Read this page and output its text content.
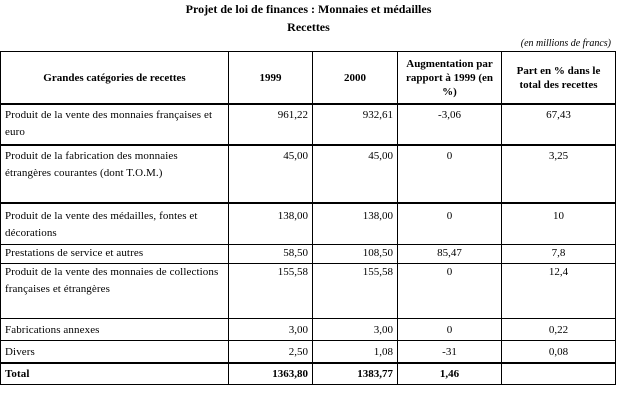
Projet de loi de finances : Monnaies et médailles
Recettes
(en millions de francs)
Grandes catégories de recettes	1999	2000	Augmentation par rapport à 1999 (en %)	Part en % dans le total des recettes
Produit de la vente des monnaies françaises et euro	961,22	932,61	-3,06	67,43
Produit de la fabrication des monnaies étrangères courantes (dont T.O.M.)	45,00	45,00	0	3,25
Produit de la vente des médailles, fontes et décorations	138,00	138,00	0	10
Prestations de service et autres	58,50	108,50	85,47	7,8
Produit de la vente des monnaies de collections françaises et étrangères	155,58	155,58	0	12,4
Fabrications annexes	3,00	3,00	0	0,22
Divers	2,50	1,08	-31	0,08
Total	1363,80	1383,77	1,46	
